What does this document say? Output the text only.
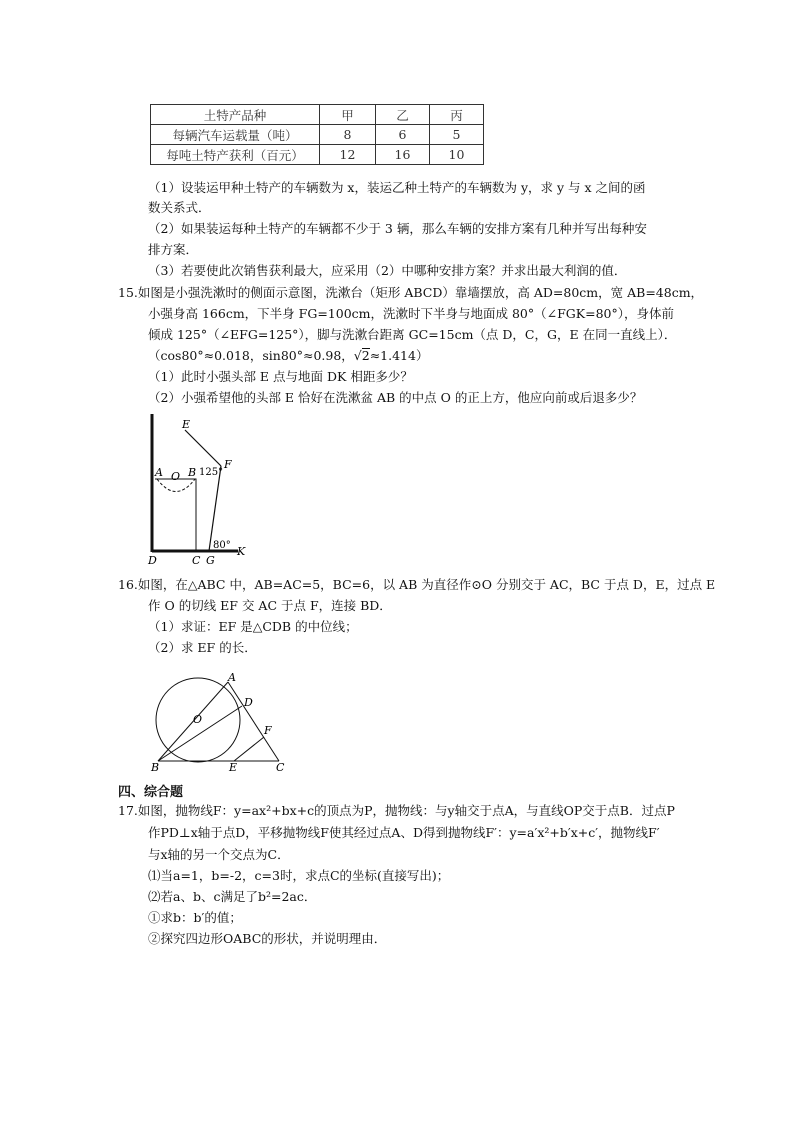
土特产品种	甲	乙	丙
每辆汽车运载量（吨）	8	6	5
每吨土特产获利（百元）	12	16	10
（1）设装运甲种土特产的车辆数为 x，装运乙种土特产的车辆数为 y，求 y 与 x 之间的函
数关系式．
（2）如果装运每种土特产的车辆都不少于 3 辆，那么车辆的安排方案有几种并写出每种安
排方案．
（3）若要使此次销售获利最大，应采用（2）中哪种安排方案？并求出最大利润的值．
15.如图是小强洗漱时的侧面示意图，洗漱台（矩形 ABCD）靠墙摆放，高 AD=80cm，宽 AB=48cm，
小强身高 166cm，下半身 FG=100cm，洗漱时下半身与地面成 80°（∠FGK=80°），身体前
倾成 125°（∠EFG=125°），脚与洗漱台距离 GC=15cm（点 D，C，G，E 在同一直线上）．
（cos80°≈0.018，sin80°≈0.98，√2≈1.414）
（1）此时小强头部 E 点与地面 DK 相距多少？
（2）小强希望他的头部 E 恰好在洗漱盆 AB 的中点 O 的正上方，他应向前或后退多少？
E
F
125°
A O B
80°
D	C G
K
16.如图，在△ABC 中，AB=AC=5，BC=6，以 AB 为直径作⊙O 分别交于 AC，BC 于点 D，E，过点 E
作 O 的切线 EF 交 AC 于点 F，连接 BD．
（1）求证：EF 是△CDB 的中位线；
（2）求 EF 的长．
A
D
O
F
B	E	C
四、综合题
17.如图，抛物线F：y=ax²+bx+c的顶点为P，抛物线：与y轴交于点A，与直线OP交于点B．过点P
作PD⊥x轴于点D，平移抛物线F使其经过点A、D得到抛物线F′：y=a′x²+b′x+c′，抛物线F′
与x轴的另一个交点为C．
⑴当a=1，b=-2，c=3时，求点C的坐标(直接写出)；
⑵若a、b、c满足了b²=2ac．
①求b：b′的值；
②探究四边形OABC的形状，并说明理由．
